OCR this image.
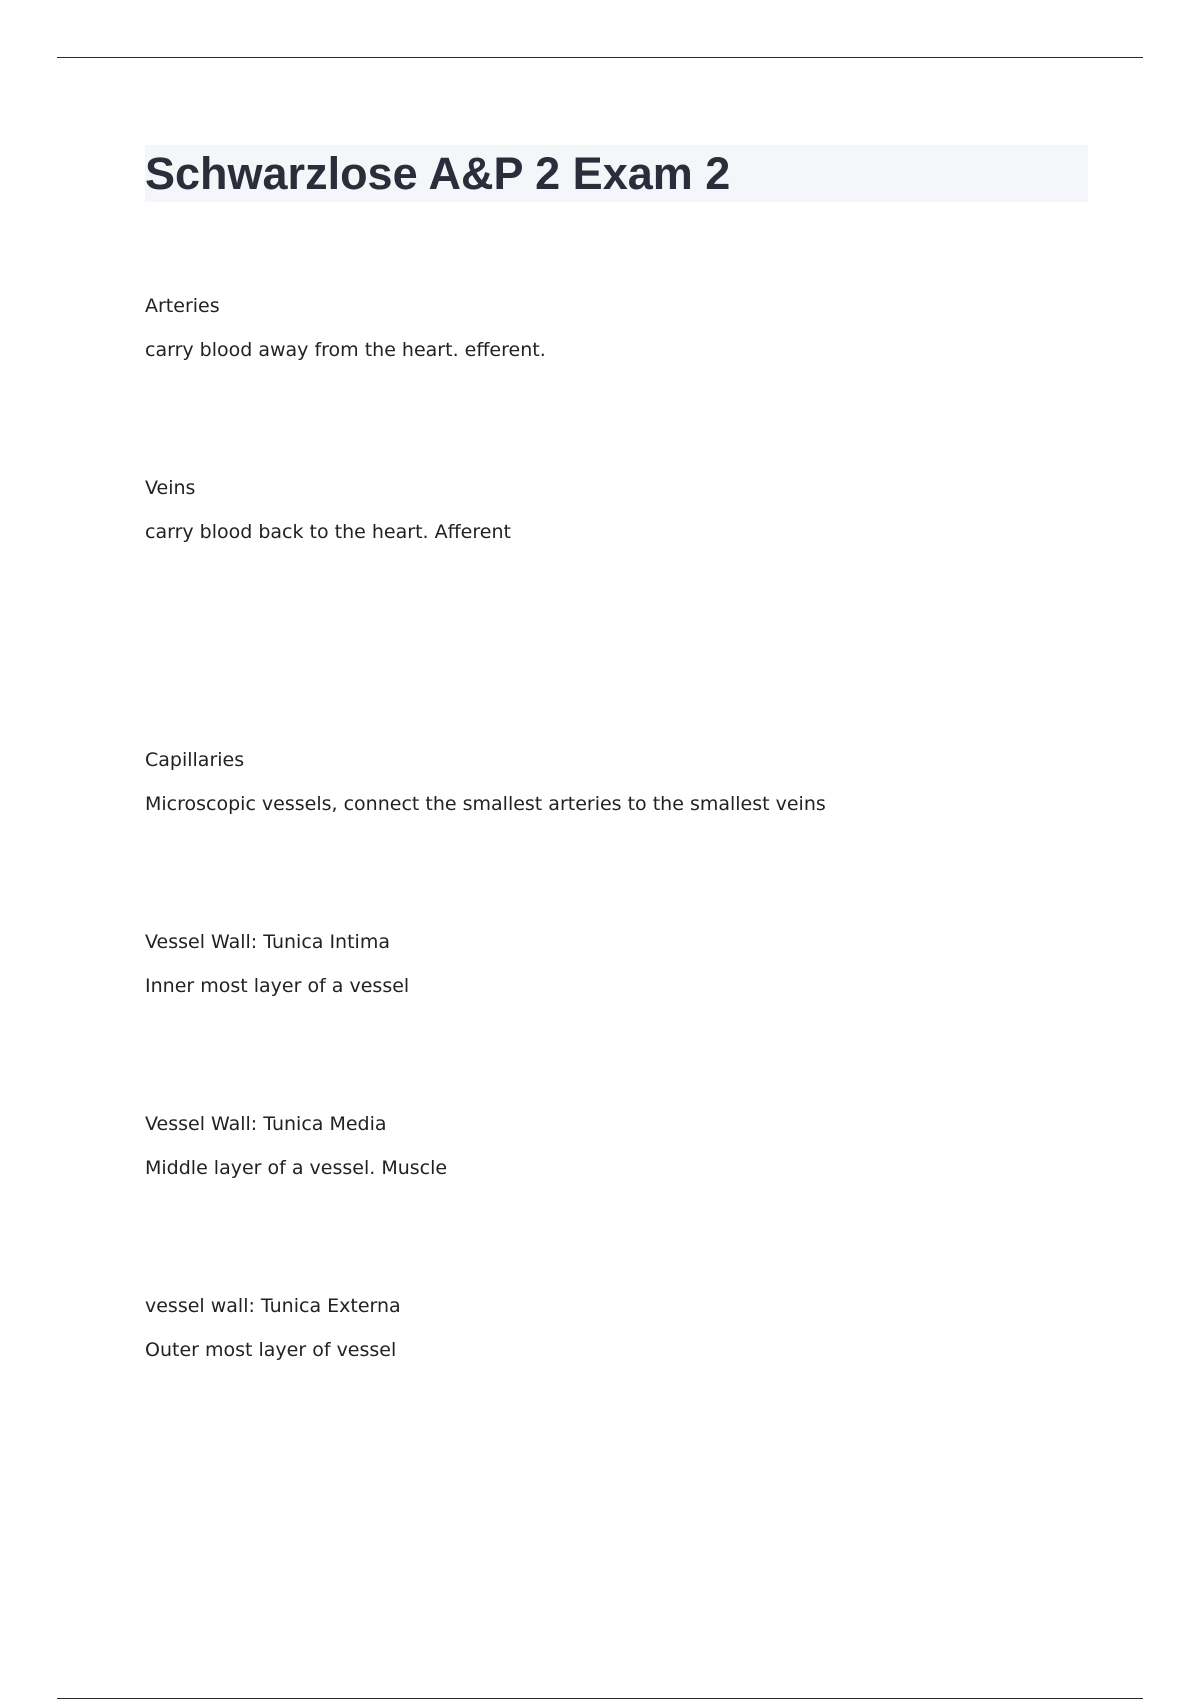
Schwarzlose A&P 2 Exam 2

Arteries

carry blood away from the heart. efferent.

Veins

carry blood back to the heart. Afferent

Capillaries

Microscopic vessels, connect the smallest arteries to the smallest veins

Vessel Wall: Tunica Intima

Inner most layer of a vessel

Vessel Wall: Tunica Media

Middle layer of a vessel. Muscle

vessel wall: Tunica Externa

Outer most layer of vessel
